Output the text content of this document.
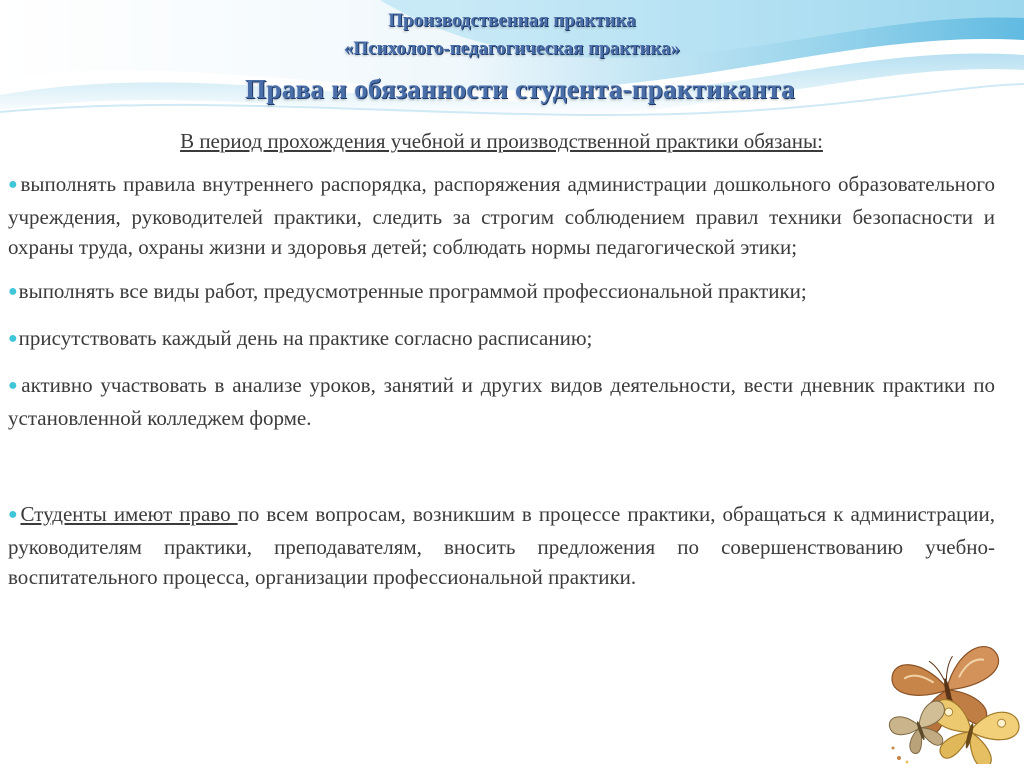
Производственная практика
«Психолого-педагогическая практика»
Права и обязанности студента-практиканта

В период прохождения учебной и производственной практики обязаны:

●выполнять правила внутреннего распорядка, распоряжения администрации дошкольного образовательного учреждения, руководителей практики, следить за строгим соблюдением правил техники безопасности и охраны труда, охраны жизни и здоровья детей; соблюдать нормы педагогической этики;

●выполнять все виды работ, предусмотренные программой профессиональной практики;

●присутствовать каждый день на практике согласно расписанию;

●активно участвовать в анализе уроков, занятий и других видов деятельности, вести дневник практики по установленной колледжем форме.

●Студенты имеют право по всем вопросам, возникшим в процессе практики, обращаться к администрации, руководителям практики, преподавателям, вносить предложения по совершенствованию учебно-воспитательного процесса, организации профессиональной практики.
